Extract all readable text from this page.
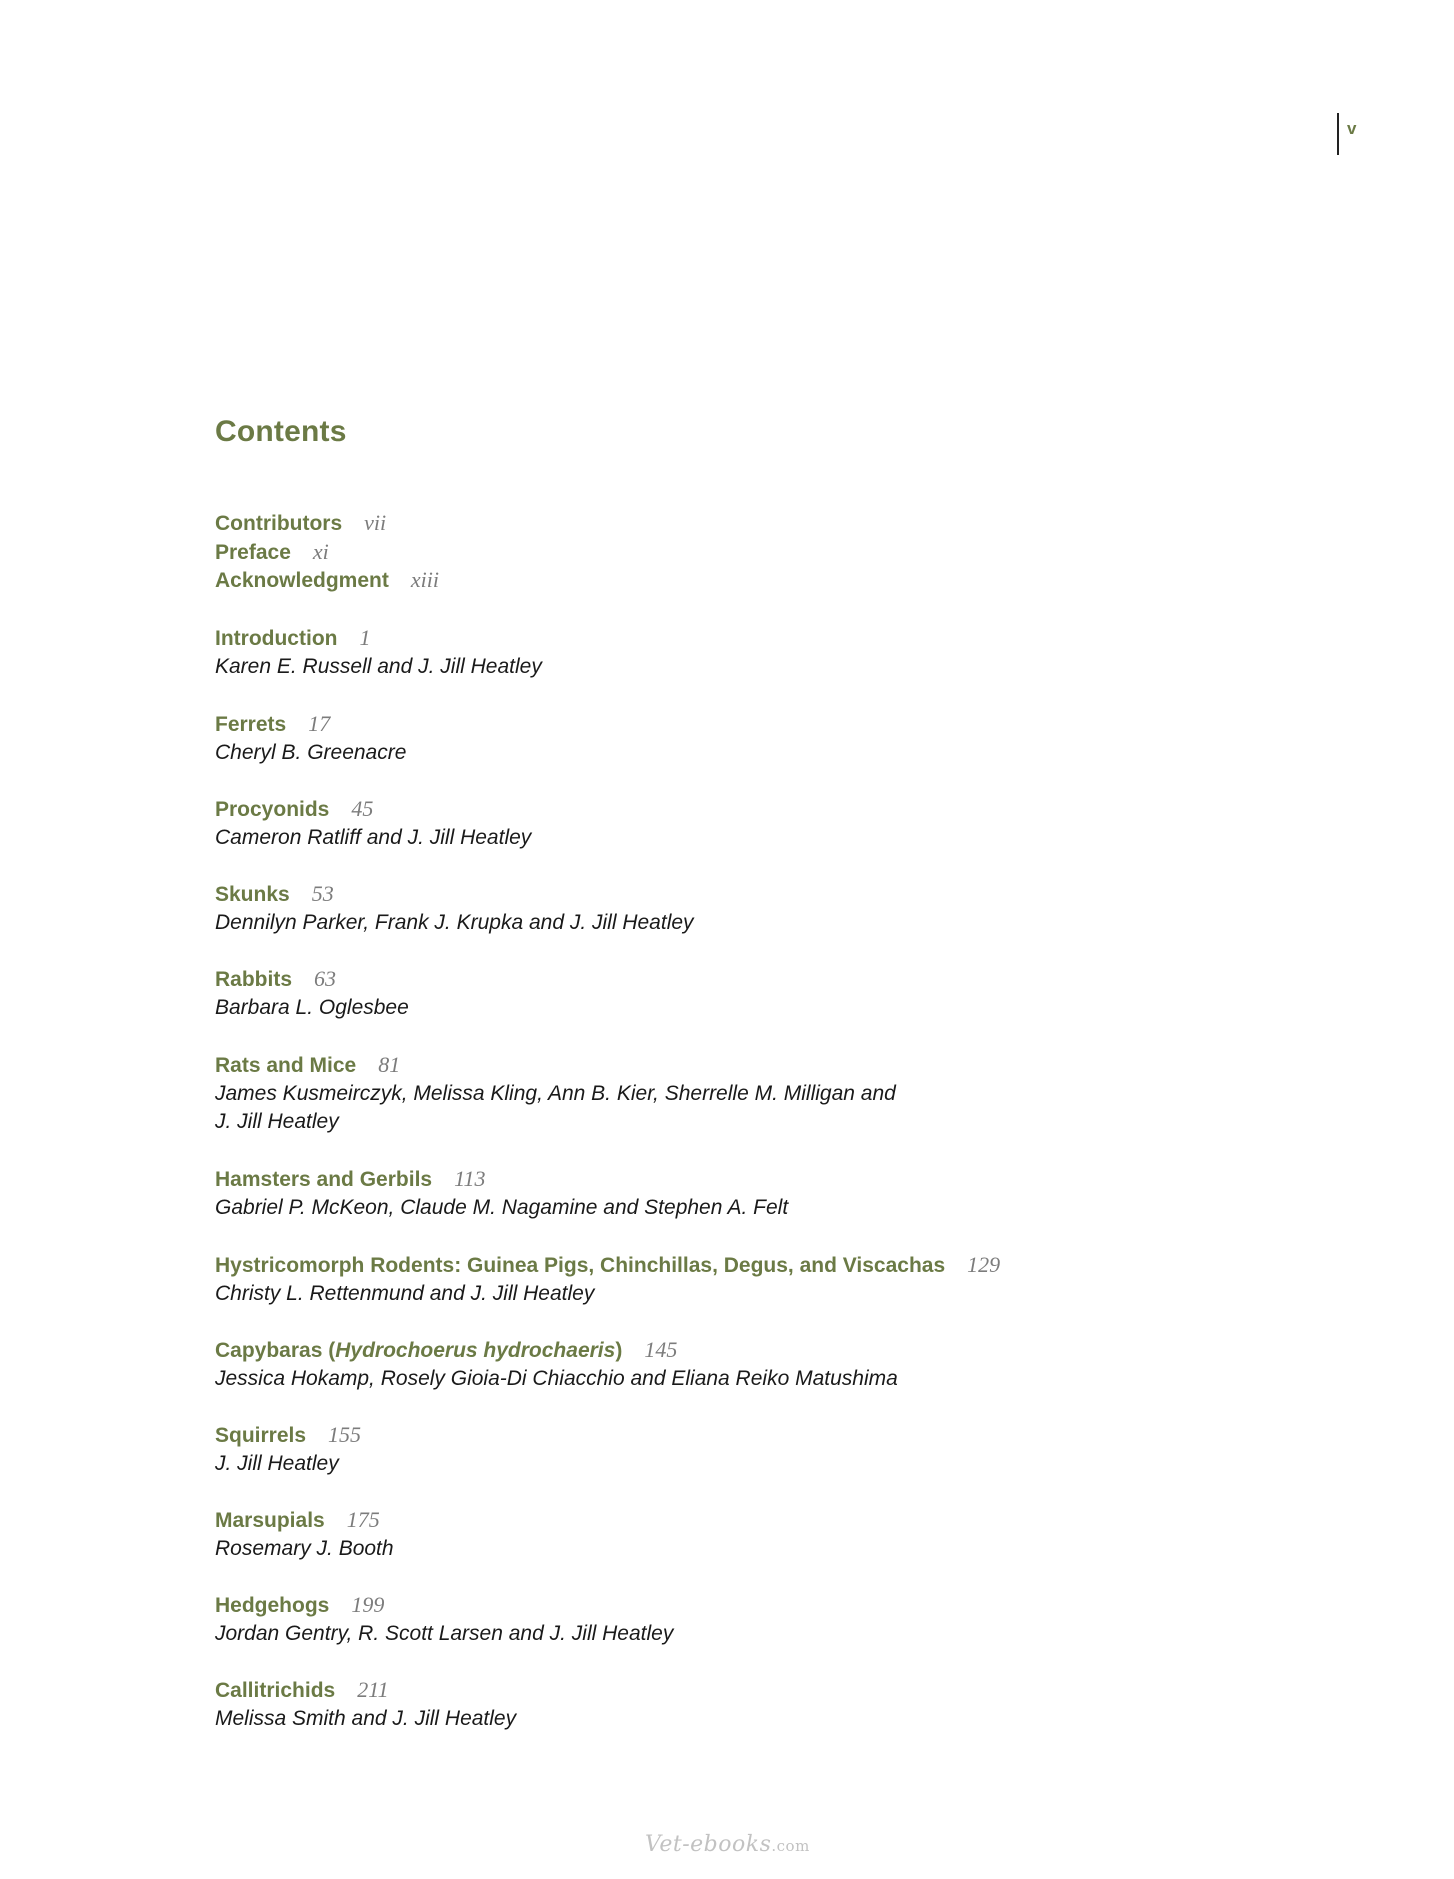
v
Contents
Contributors vii
Preface xi
Acknowledgment xiii
Introduction 1
Karen E. Russell and J. Jill Heatley
Ferrets 17
Cheryl B. Greenacre
Procyonids 45
Cameron Ratliff and J. Jill Heatley
Skunks 53
Dennilyn Parker, Frank J. Krupka and J. Jill Heatley
Rabbits 63
Barbara L. Oglesbee
Rats and Mice 81
James Kusmeirczyk, Melissa Kling, Ann B. Kier, Sherrelle M. Milligan and
J. Jill Heatley
Hamsters and Gerbils 113
Gabriel P. McKeon, Claude M. Nagamine and Stephen A. Felt
Hystricomorph Rodents: Guinea Pigs, Chinchillas, Degus, and Viscachas 129
Christy L. Rettenmund and J. Jill Heatley
Capybaras (Hydrochoerus hydrochaeris) 145
Jessica Hokamp, Rosely Gioia-Di Chiacchio and Eliana Reiko Matushima
Squirrels 155
J. Jill Heatley
Marsupials 175
Rosemary J. Booth
Hedgehogs 199
Jordan Gentry, R. Scott Larsen and J. Jill Heatley
Callitrichids 211
Melissa Smith and J. Jill Heatley
Vet-ebooks.com
